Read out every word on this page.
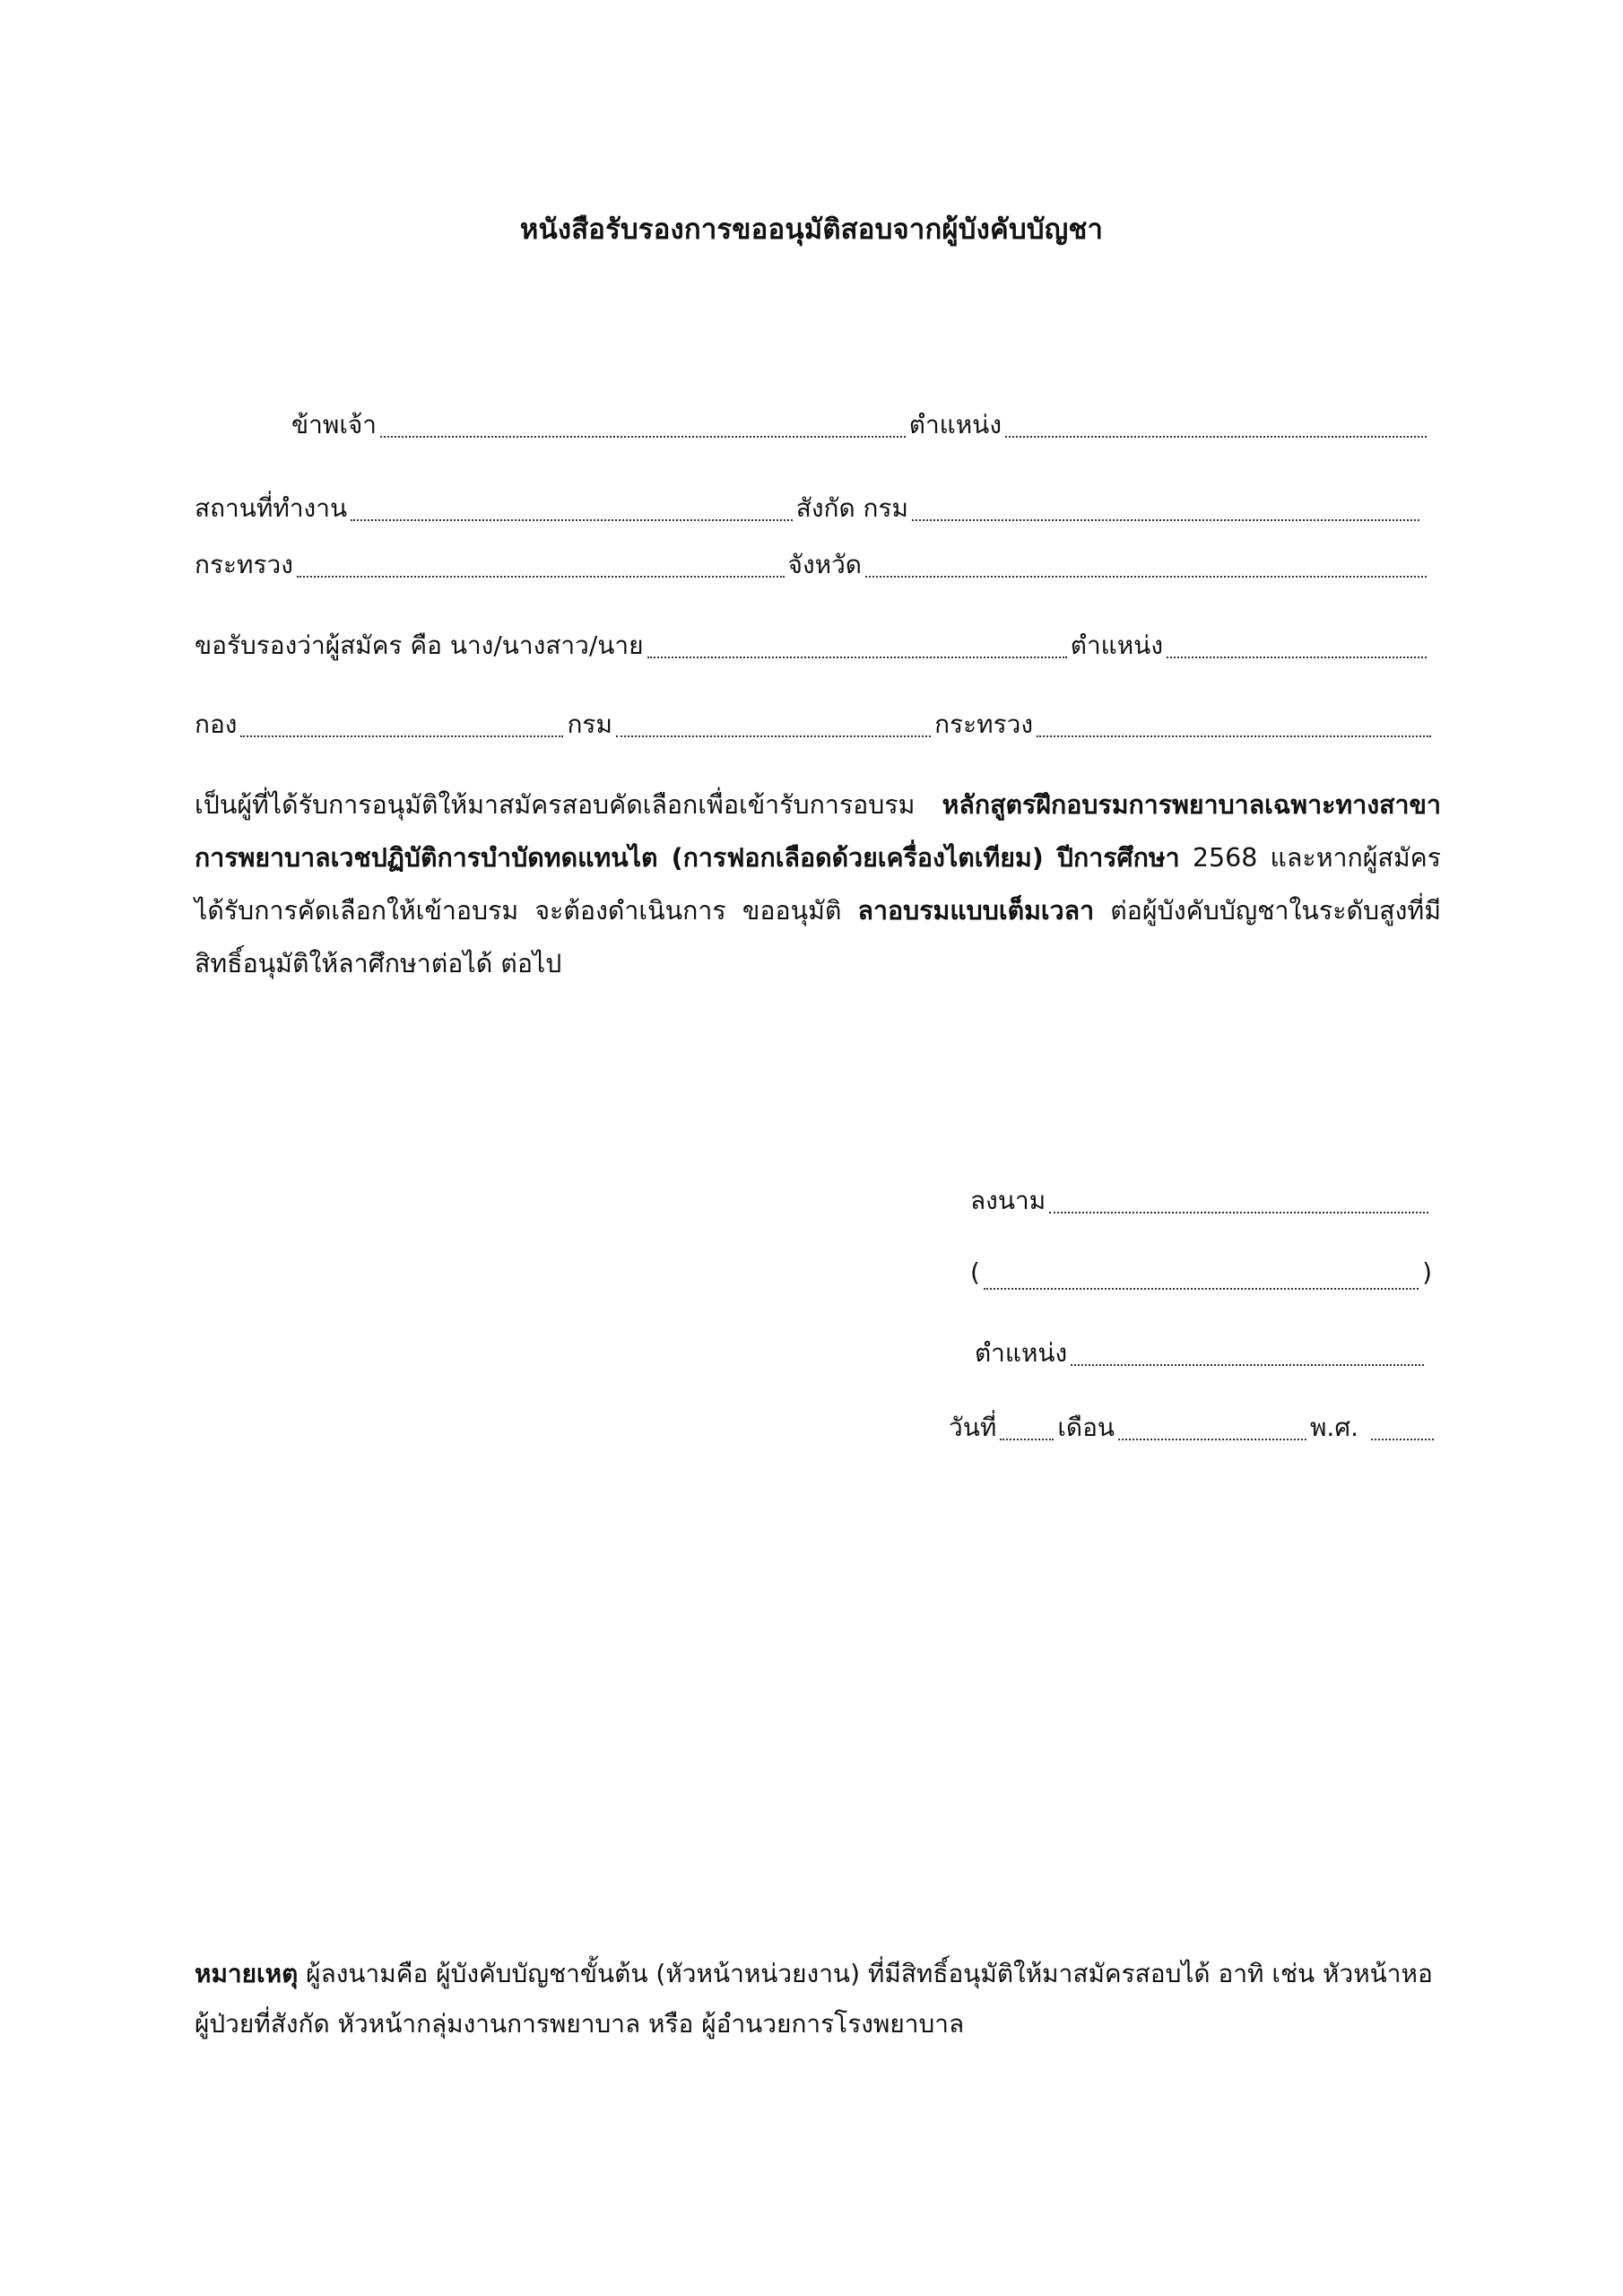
หนังสือรับรองการขออนุมัติสอบจากผู้บังคับบัญชา
ข้าพเจ้า	ตำแหน่ง
สถานที่ทำงาน	สังกัด กรม
กระทรวง	จังหวัด
ขอรับรองว่าผู้สมัคร คือ นาง/นางสาว/นาย	ตำแหน่ง
กอง	กรม	กระทรวง
เป็นผู้ที่ได้รับการอนุมัติให้มาสมัครสอบคัดเลือกเพื่อเข้ารับการอบรม หลักสูตรฝึกอบรมการพยาบาลเฉพาะทางสาขาการพยาบาลเวชปฏิบัติการบำบัดทดแทนไต (การฟอกเลือดด้วยเครื่องไตเทียม) ปีการศึกษา 2568 และหากผู้สมัครได้รับการคัดเลือกให้เข้าอบรม จะต้องดำเนินการ ขออนุมัติ ลาอบรมแบบเต็มเวลา ต่อผู้บังคับบัญชาในระดับสูงที่มีสิทธิ์อนุมัติให้ลาศึกษาต่อได้ ต่อไป
ลงนาม
(	)
ตำแหน่ง
วันที่ เดือน	พ.ศ.
หมายเหตุ ผู้ลงนามคือ ผู้บังคับบัญชาขั้นต้น (หัวหน้าหน่วยงาน) ที่มีสิทธิ์อนุมัติให้มาสมัครสอบได้ อาทิ เช่น หัวหน้าหอผู้ป่วยที่สังกัด หัวหน้ากลุ่มงานการพยาบาล หรือ ผู้อำนวยการโรงพยาบาล
